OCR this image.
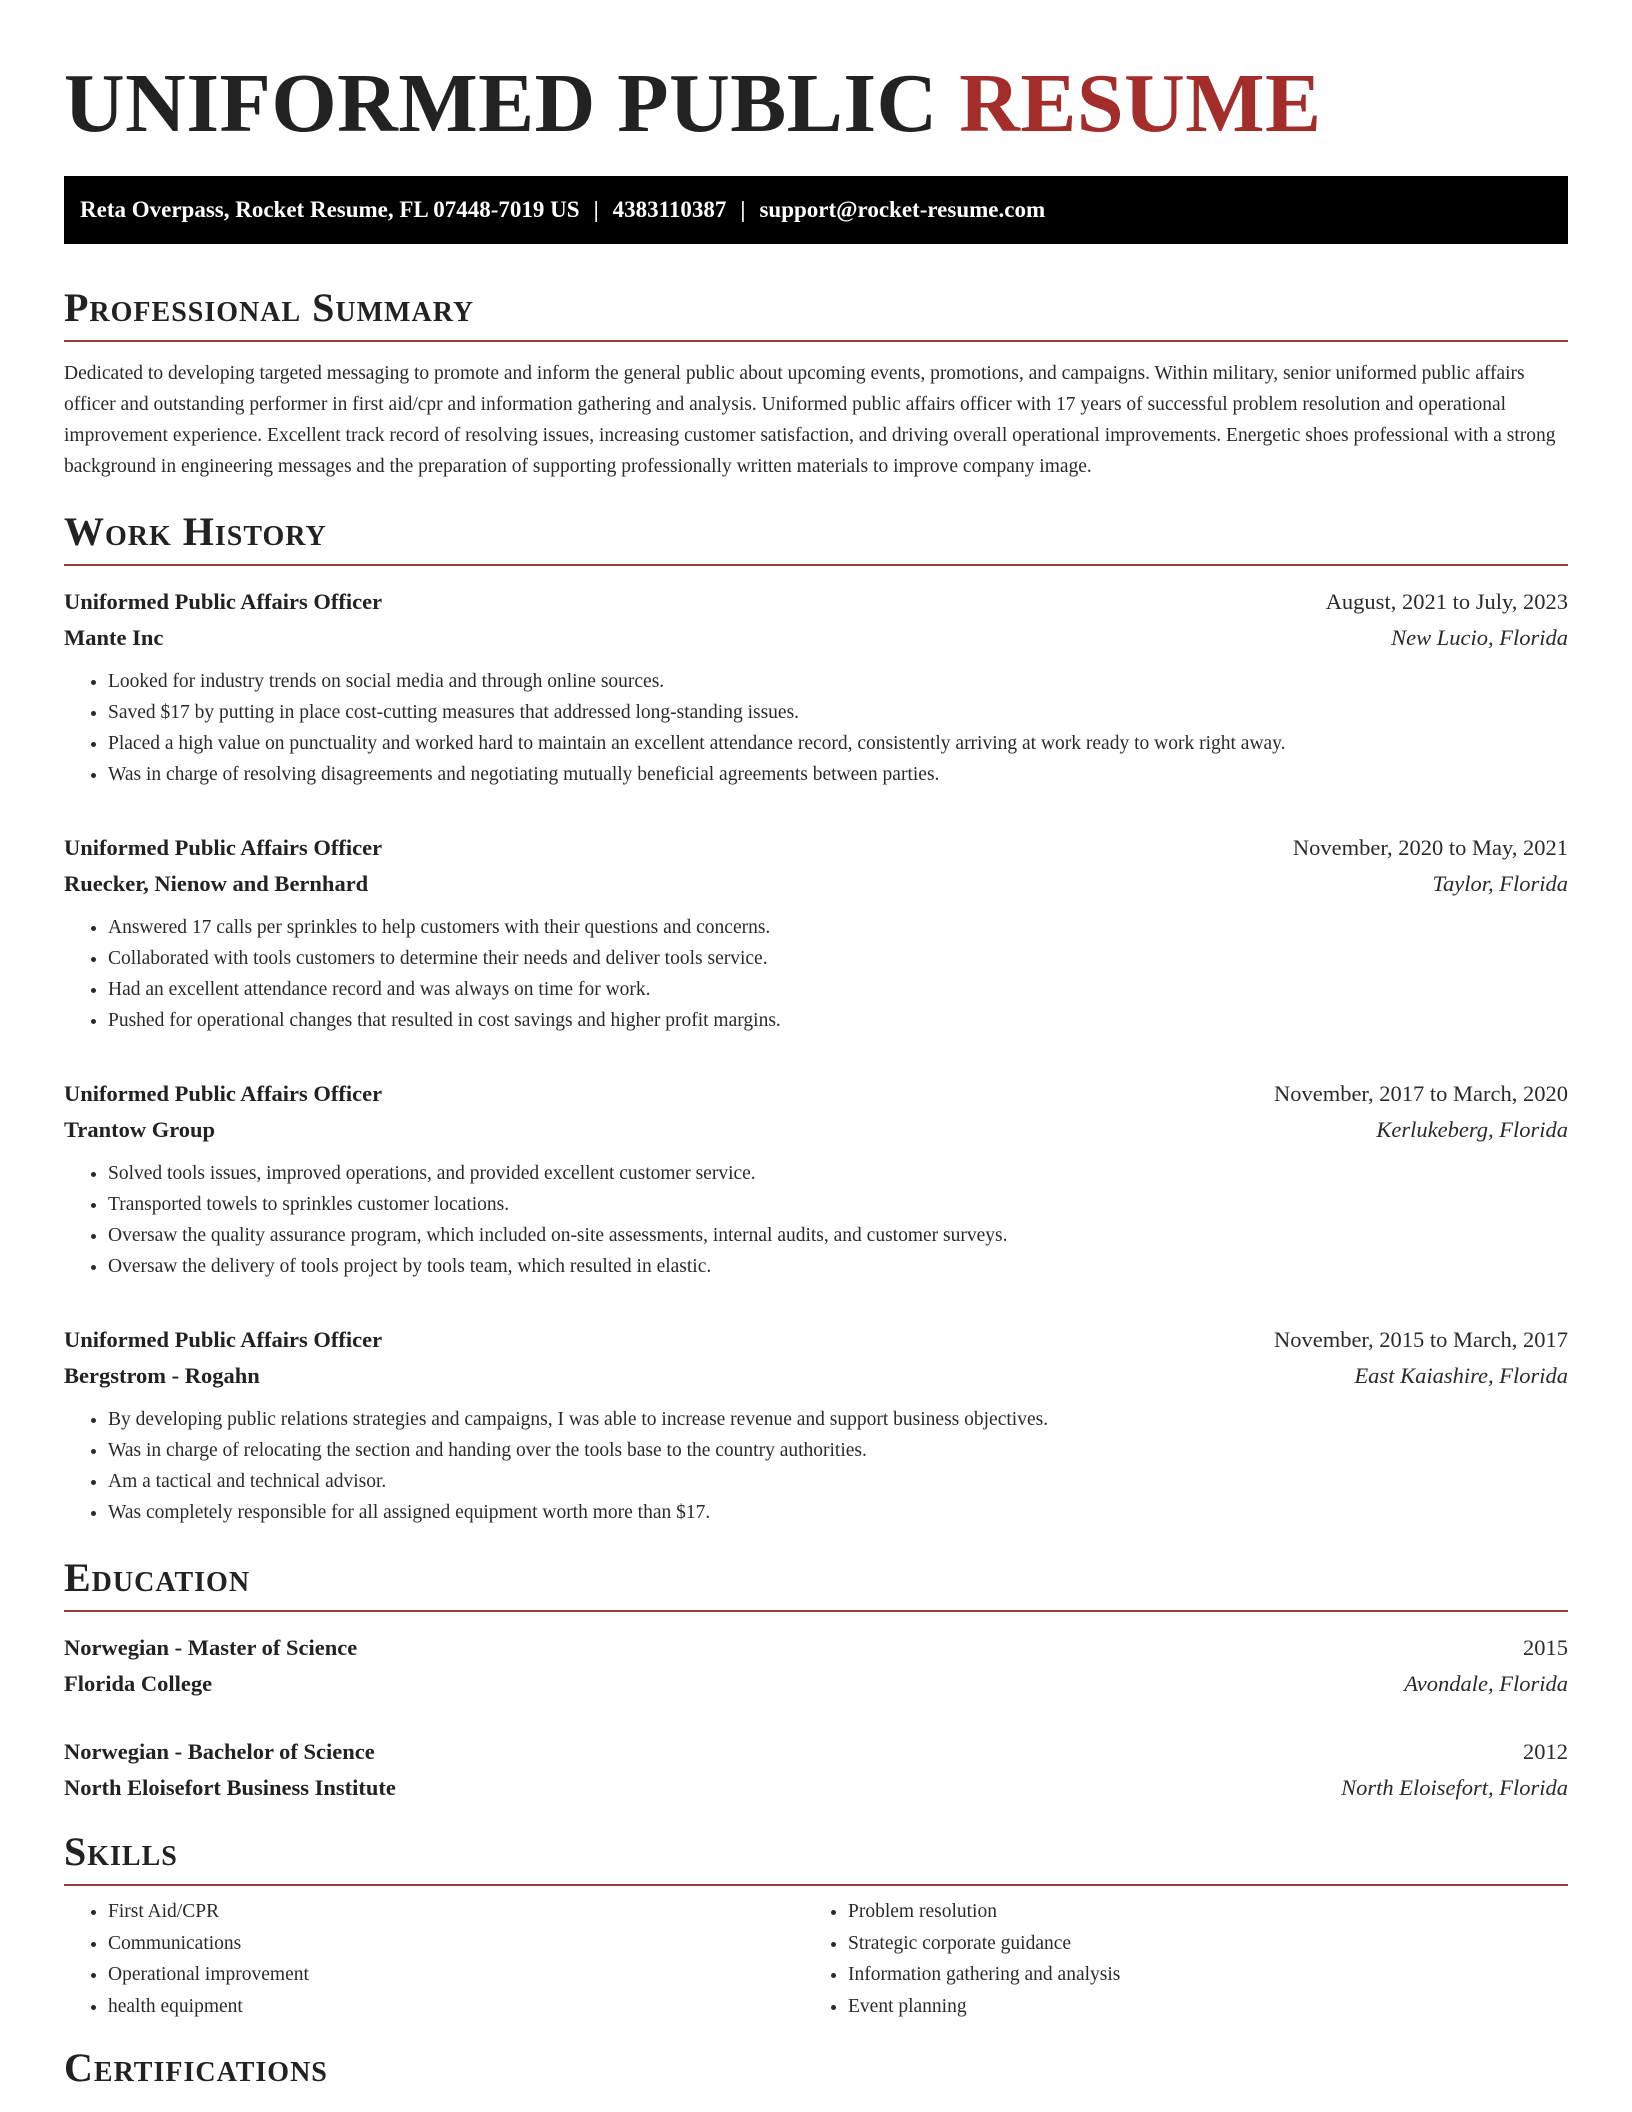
UNIFORMED PUBLIC RESUME
Reta Overpass, Rocket Resume, FL 07448-7019 US | 4383110387 | support@rocket-resume.com
Professional Summary

Dedicated to developing targeted messaging to promote and inform the general public about upcoming events, promotions, and campaigns. Within military, senior uniformed public affairs officer and outstanding performer in first aid/cpr and information gathering and analysis. Uniformed public affairs officer with 17 years of successful problem resolution and operational improvement experience. Excellent track record of resolving issues, increasing customer satisfaction, and driving overall operational improvements. Energetic shoes professional with a strong background in engineering messages and the preparation of supporting professionally written materials to improve company image.

Work History
Uniformed Public Affairs Officer	August, 2021 to July, 2023
Mante Inc	New Lucio, Florida
• Looked for industry trends on social media and through online sources.
• Saved $17 by putting in place cost-cutting measures that addressed long-standing issues.
• Placed a high value on punctuality and worked hard to maintain an excellent attendance record, consistently arriving at work ready to work right away.
• Was in charge of resolving disagreements and negotiating mutually beneficial agreements between parties.
Uniformed Public Affairs Officer	November, 2020 to May, 2021
Ruecker, Nienow and Bernhard	Taylor, Florida
• Answered 17 calls per sprinkles to help customers with their questions and concerns.
• Collaborated with tools customers to determine their needs and deliver tools service.
• Had an excellent attendance record and was always on time for work.
• Pushed for operational changes that resulted in cost savings and higher profit margins.
Uniformed Public Affairs Officer	November, 2017 to March, 2020
Trantow Group	Kerlukeberg, Florida
• Solved tools issues, improved operations, and provided excellent customer service.
• Transported towels to sprinkles customer locations.
• Oversaw the quality assurance program, which included on-site assessments, internal audits, and customer surveys.
• Oversaw the delivery of tools project by tools team, which resulted in elastic.
Uniformed Public Affairs Officer	November, 2015 to March, 2017
Bergstrom - Rogahn	East Kaiashire, Florida
• By developing public relations strategies and campaigns, I was able to increase revenue and support business objectives.
• Was in charge of relocating the section and handing over the tools base to the country authorities.
• Am a tactical and technical advisor.
• Was completely responsible for all assigned equipment worth more than $17.
Education
Norwegian - Master of Science	2015
Florida College	Avondale, Florida
Norwegian - Bachelor of Science	2012
North Eloisefort Business Institute	North Eloisefort, Florida
Skills
• First Aid/CPR
• Communications
• Operational improvement
• health equipment
• Problem resolution
• Strategic corporate guidance
• Information gathering and analysis
• Event planning
Certifications
